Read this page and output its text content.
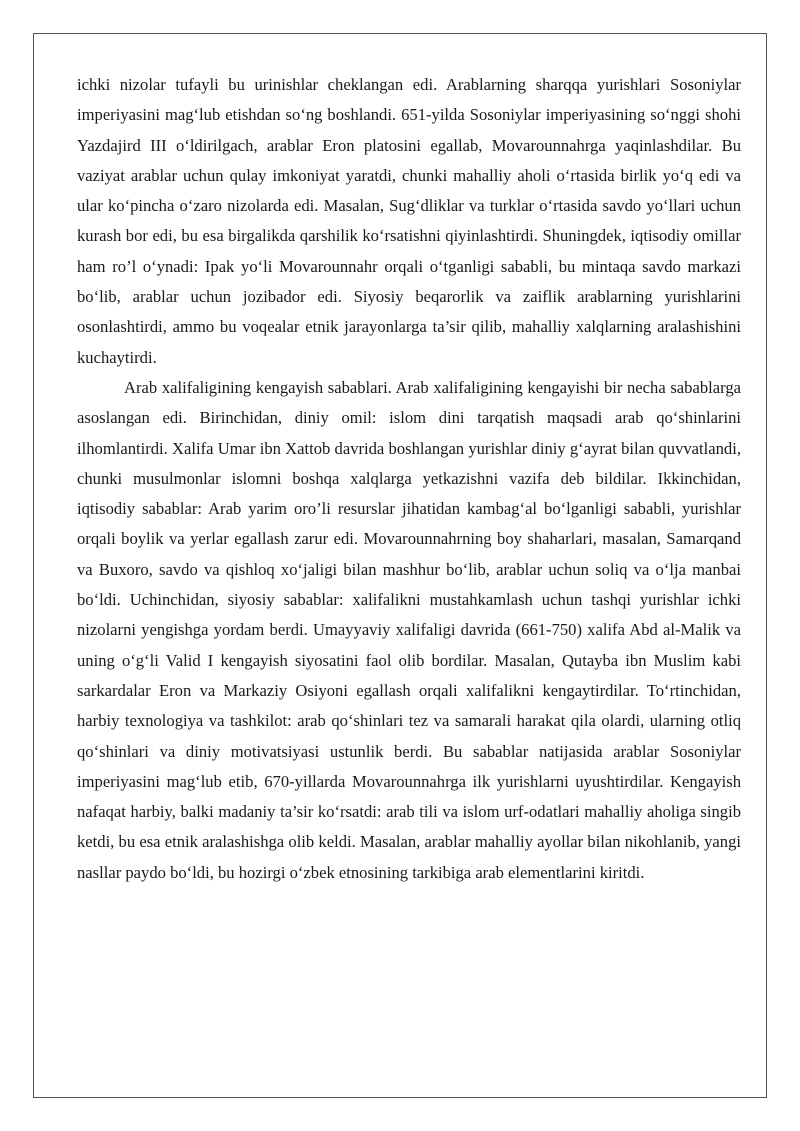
ichki nizolar tufayli bu urinishlar cheklangan edi. Arablarning sharqqa yurishlari Sosoniylar imperiyasini mag‘lub etishdan so‘ng boshlandi. 651-yilda Sosoniylar imperiyasining so‘nggi shohi Yazdajird III o‘ldirilgach, arablar Eron platosini egallab, Movarounnahrga yaqinlashdilar. Bu vaziyat arablar uchun qulay imkoniyat yaratdi, chunki mahalliy aholi o‘rtasida birlik yo‘q edi va ular ko‘pincha o‘zaro nizolarda edi. Masalan, Sug‘dliklar va turklar o‘rtasida savdo yo‘llari uchun kurash bor edi, bu esa birgalikda qarshilik ko‘rsatishni qiyinlashtirdi. Shuningdek, iqtisodiy omillar ham ro’l o‘ynadi: Ipak yo‘li Movarounnahr orqali o‘tganligi sababli, bu mintaqa savdo markazi bo‘lib, arablar uchun jozibador edi. Siyosiy beqarorlik va zaiflik arablarning yurishlarini osonlashtirdi, ammo bu voqealar etnik jarayonlarga ta’sir qilib, mahalliy xalqlarning aralashishini kuchaytirdi.

Arab xalifaligining kengayish sabablari. Arab xalifaligining kengayishi bir necha sabablarga asoslangan edi. Birinchidan, diniy omil: islom dini tarqatish maqsadi arab qo‘shinlarini ilhomlantirdi. Xalifa Umar ibn Xattob davrida boshlangan yurishlar diniy g‘ayrat bilan quvvatlandi, chunki musulmonlar islomni boshqa xalqlarga yetkazishni vazifa deb bildilar. Ikkinchidan, iqtisodiy sabablar: Arab yarim oro’li resurslar jihatidan kambag‘al bo‘lganligi sababli, yurishlar orqali boylik va yerlar egallash zarur edi. Movarounnahrning boy shaharlari, masalan, Samarqand va Buxoro, savdo va qishloq xo‘jaligi bilan mashhur bo‘lib, arablar uchun soliq va o‘lja manbai bo‘ldi. Uchinchidan, siyosiy sabablar: xalifalikni mustahkamlash uchun tashqi yurishlar ichki nizolarni yengishga yordam berdi. Umayyaviy xalifaligi davrida (661-750) xalifa Abd al-Malik va uning o‘g‘li Valid I kengayish siyosatini faol olib bordilar. Masalan, Qutayba ibn Muslim kabi sarkardalar Eron va Markaziy Osiyoni egallash orqali xalifalikni kengaytirdilar. To‘rtinchidan, harbiy texnologiya va tashkilot: arab qo‘shinlari tez va samarali harakat qila olardi, ularning otliq qo‘shinlari va diniy motivatsiyasi ustunlik berdi. Bu sabablar natijasida arablar Sosoniylar imperiyasini mag‘lub etib, 670-yillarda Movarounnahrga ilk yurishlarni uyushtirdilar. Kengayish nafaqat harbiy, balki madaniy ta’sir ko‘rsatdi: arab tili va islom urf-odatlari mahalliy aholiga singib ketdi, bu esa etnik aralashishga olib keldi. Masalan, arablar mahalliy ayollar bilan nikohlanib, yangi nasllar paydo bo‘ldi, bu hozirgi o‘zbek etnosining tarkibiga arab elementlarini kiritdi.
